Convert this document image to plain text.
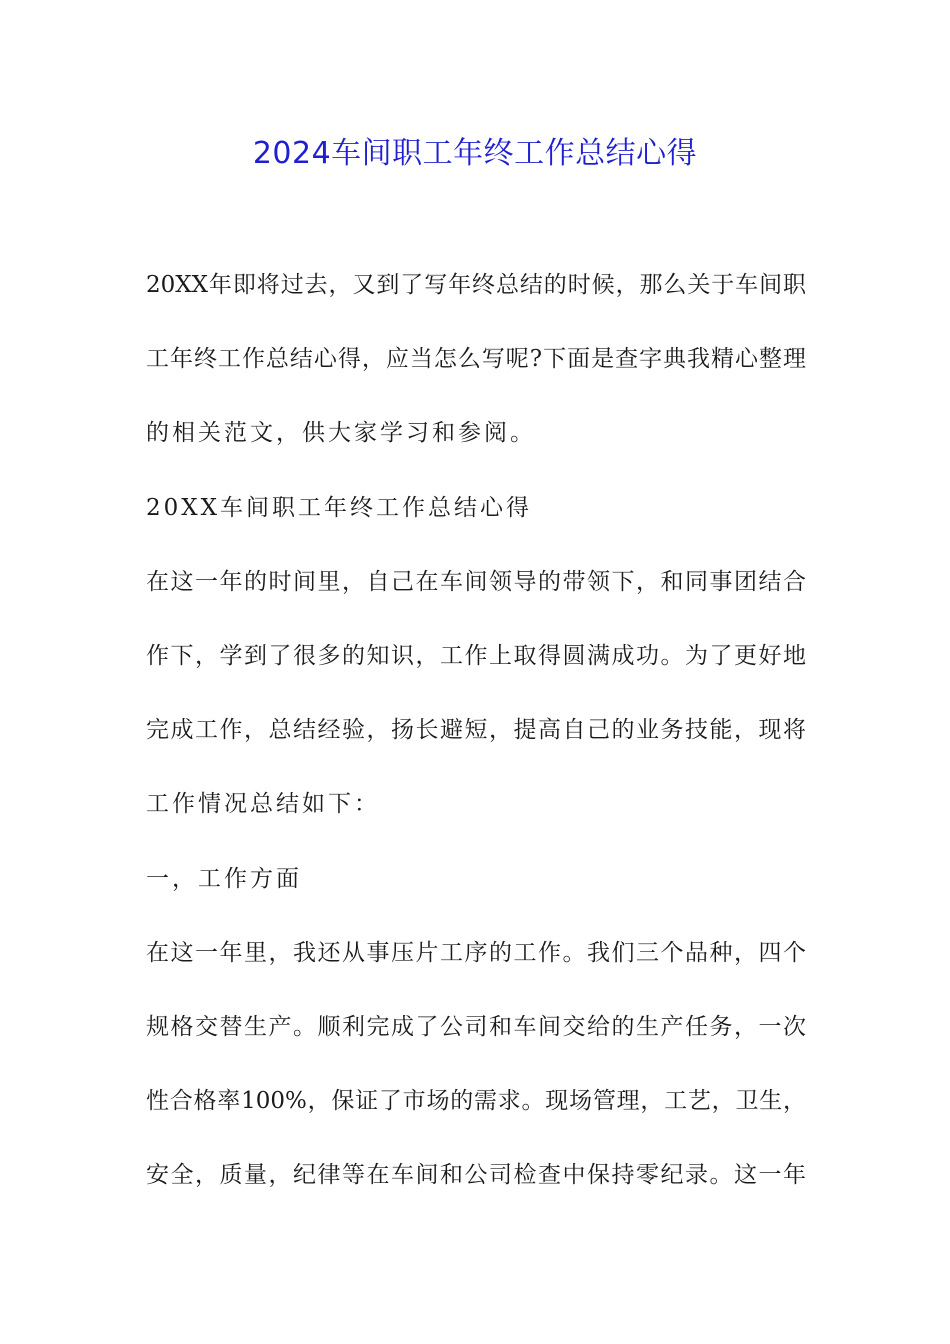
2024车间职工年终工作总结心得
20XX年即将过去，又到了写年终总结的时候，那么关于车间职
工年终工作总结心得，应当怎么写呢?下面是查字典我精心整理
的相关范文，供大家学习和参阅。
20XX车间职工年终工作总结心得
在这一年的时间里，自己在车间领导的带领下，和同事团结合
作下，学到了很多的知识，工作上取得圆满成功。为了更好地
完成工作，总结经验，扬长避短，提高自己的业务技能，现将
工作情况总结如下：
一，工作方面
在这一年里，我还从事压片工序的工作。我们三个品种，四个
规格交替生产。顺利完成了公司和车间交给的生产任务，一次
性合格率100%，保证了市场的需求。现场管理，工艺，卫生，
安全，质量，纪律等在车间和公司检查中保持零纪录。这一年
